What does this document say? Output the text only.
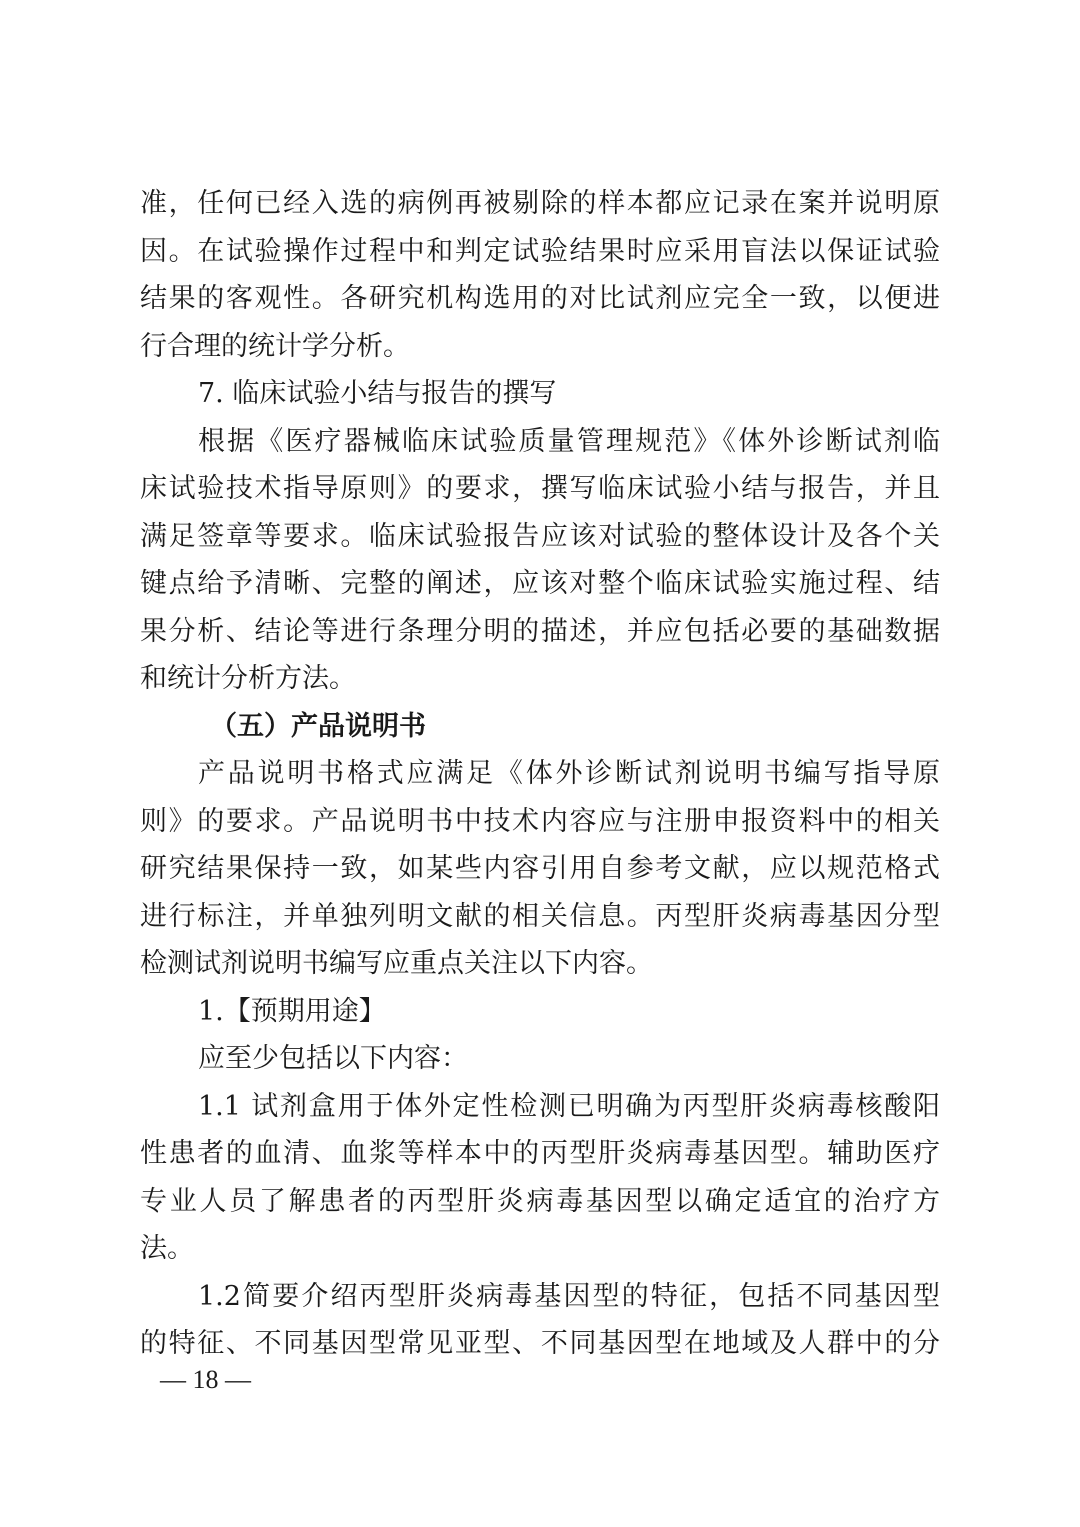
准，任何已经入选的病例再被剔除的样本都应记录在案并说明原
因。在试验操作过程中和判定试验结果时应采用盲法以保证试验
结果的客观性。各研究机构选用的对比试剂应完全一致，以便进
行合理的统计学分析。
7. 临床试验小结与报告的撰写
根据《医疗器械临床试验质量管理规范》《体外诊断试剂临
床试验技术指导原则》的要求，撰写临床试验小结与报告，并且
满足签章等要求。临床试验报告应该对试验的整体设计及各个关
键点给予清晰、完整的阐述，应该对整个临床试验实施过程、结
果分析、结论等进行条理分明的描述，并应包括必要的基础数据
和统计分析方法。
（五）产品说明书
产品说明书格式应满足《体外诊断试剂说明书编写指导原
则》的要求。产品说明书中技术内容应与注册申报资料中的相关
研究结果保持一致，如某些内容引用自参考文献，应以规范格式
进行标注，并单独列明文献的相关信息。丙型肝炎病毒基因分型
检测试剂说明书编写应重点关注以下内容。
1.【预期用途】
应至少包括以下内容：
1.1 试剂盒用于体外定性检测已明确为丙型肝炎病毒核酸阳
性患者的血清、血浆等样本中的丙型肝炎病毒基因型。辅助医疗
专业人员了解患者的丙型肝炎病毒基因型以确定适宜的治疗方
法。
1.2简要介绍丙型肝炎病毒基因型的特征，包括不同基因型
的特征、不同基因型常见亚型、不同基因型在地域及人群中的分
— 18 —
